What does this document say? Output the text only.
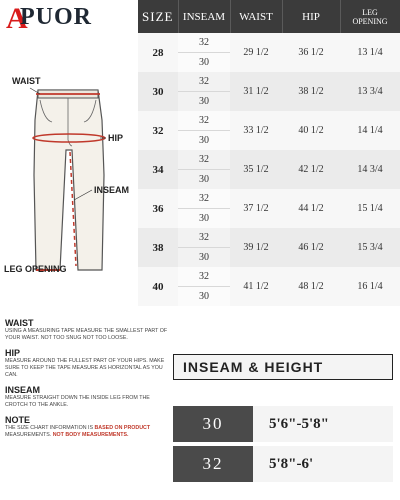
A
PUOR	SIZE	INSEAM	WAIST	HIP	LEG
OPENING
28	32	29 1/2	36 1/2	13 1/4
	30			
30	32	31 1/2	38 1/2	13 3/4
	30			
32	32	33 1/2	40 1/2	14 1/4
	30			
34	32	35 1/2	42 1/2	14 3/4
	30			
36	32	37 1/2	44 1/2	15 1/4
	30			
38	32	39 1/2	46 1/2	15 3/4
	30			
40	32	41 1/2	48 1/2	16 1/4
	30			
WAIST
HIP
INSEAM
LEG OPENING
WAIST
USING A MEASURING TAPE MEASURE THE SMALLEST PART OF YOUR WAIST. NOT TOO SNUG NOT TOO LOOSE.
HIP
MEASURE AROUND THE FULLEST PART OF YOUR HIPS. MAKE SURE TO KEEP THE TAPE MEASURE AS HORIZONTAL AS YOU CAN.
INSEAM
MEASURE STRAIGHT DOWN THE INSIDE LEG FROM THE CROTCH TO THE ANKLE.
NOTE
THE SIZE CHART INFORMATION IS BASED ON PRODUCT MEASUREMENTS. NOT BODY MEASUREMENTS.
INSEAM & HEIGHT
30	5'6"-5'8"
32	5'8"-6'
